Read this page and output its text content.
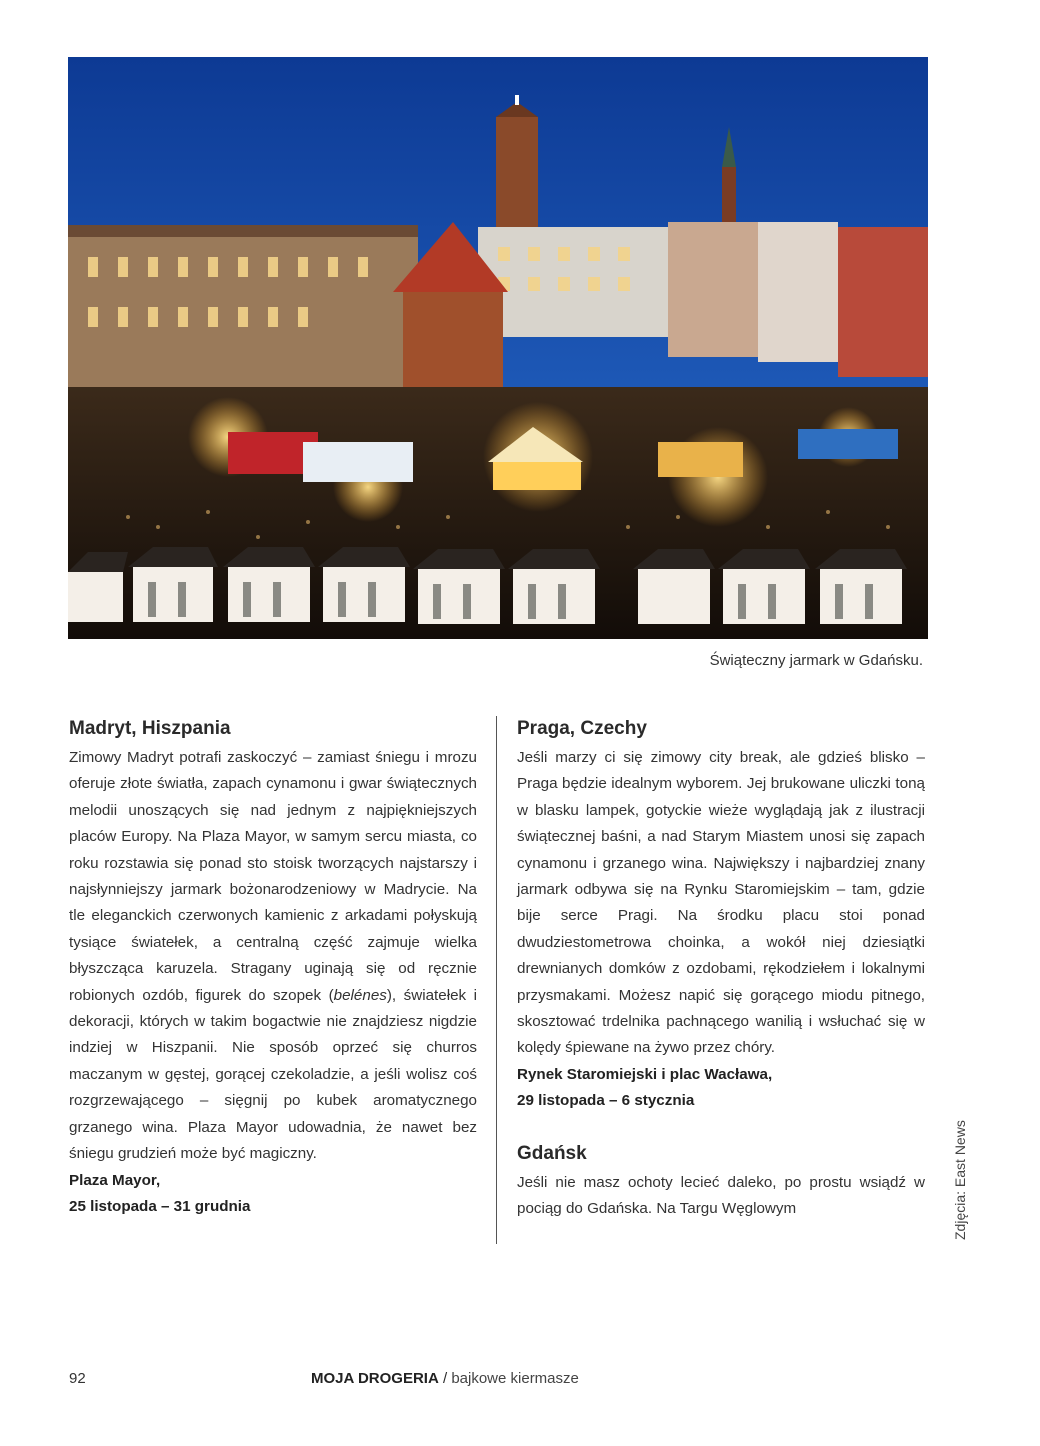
Świąteczny jarmark w Gdańsku.
Madryt, Hiszpania

Zimowy Madryt potrafi zaskoczyć – zamiast śniegu i mrozu oferuje złote światła, zapach cynamonu i gwar świątecznych melodii unoszących się nad jednym z najpiękniejszych placów Europy. Na Plaza Mayor, w samym sercu miasta, co roku rozstawia się ponad sto stoisk tworzących najstarszy i najsłynniejszy jarmark bożonarodzeniowy w Madrycie. Na tle eleganckich czerwonych kamienic z arkadami połyskują tysiące światełek, a centralną część zajmuje wielka błyszcząca karuzela. Stragany uginają się od ręcznie robionych ozdób, figurek do szopek (belénes), światełek i dekoracji, których w takim bogactwie nie znajdziesz nigdzie indziej w Hiszpanii. Nie sposób oprzeć się churros maczanym w gęstej, gorącej czekoladzie, a jeśli wolisz coś rozgrzewającego – sięgnij po kubek aromatycznego grzanego wina. Plaza Mayor udowadnia, że nawet bez śniegu grudzień może być magiczny.

Plaza Mayor,
25 listopada – 31 grudnia
Praga, Czechy

Jeśli marzy ci się zimowy city break, ale gdzieś blisko – Praga będzie idealnym wyborem. Jej brukowane uliczki toną w blasku lampek, gotyckie wieże wyglądają jak z ilustracji świątecznej baśni, a nad Starym Miastem unosi się zapach cynamonu i grzanego wina. Największy i najbardziej znany jarmark odbywa się na Rynku Staromiejskim – tam, gdzie bije serce Pragi. Na środku placu stoi ponad dwudziestometrowa choinka, a wokół niej dziesiątki drewnianych domków z ozdobami, rękodziełem i lokalnymi przysmakami. Możesz napić się gorącego miodu pitnego, skosztować trdelnika pachnącego wanilią i wsłuchać się w kolędy śpiewane na żywo przez chóry.

Rynek Staromiejski i plac Wacława,
29 listopada – 6 stycznia
Gdańsk

Jeśli nie masz ochoty lecieć daleko, po prostu wsiądź w pociąg do Gdańska. Na Targu Węglowym	Zdjęcia: East News
92	MOJA DROGERIA / bajkowe kiermasze
